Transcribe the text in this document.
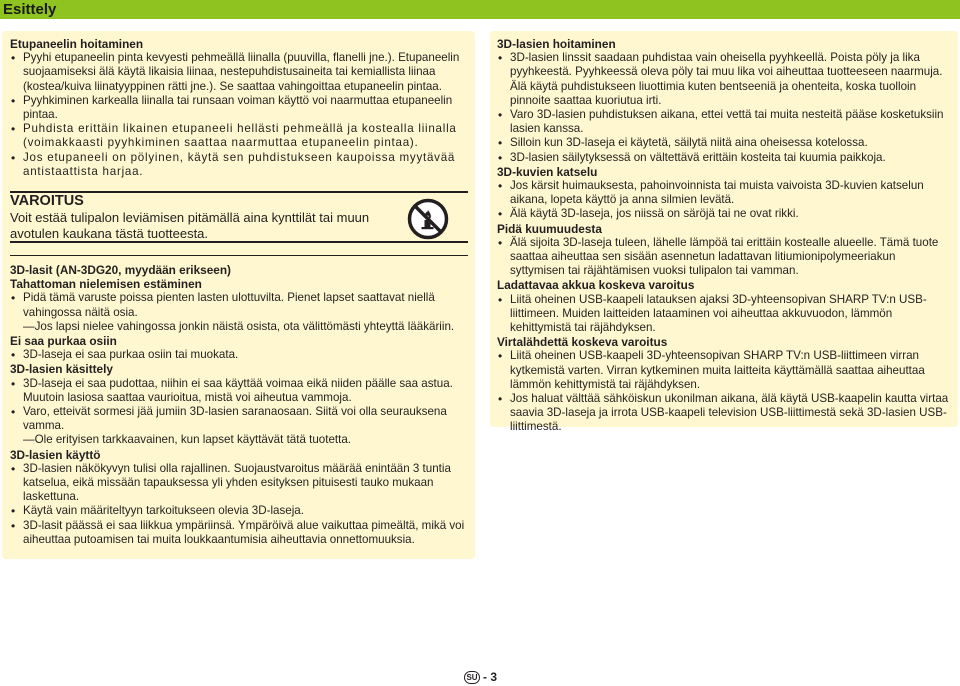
Esittely
Etupaneelin hoitaminen
• Pyyhi etupaneelin pinta kevyesti pehmeällä liinalla (puuvilla, flanelli jne.). Etupaneelin suojaamiseksi älä käytä likaisia liinaa, nestepuhdistusaineita tai kemiallista liinaa (kostea/kuiva liinatyyppinen rätti jne.). Se saattaa vahingoittaa etupaneelin pintaa.
• Pyyhkiminen karkealla liinalla tai runsaan voiman käyttö voi naarmuttaa etupaneelin pintaa.
• Puhdista erittäin likainen etupaneeli hellästi pehmeällä ja kostealla liinalla (voimakkaasti pyyhkiminen saattaa naarmuttaa etupaneelin pintaa).
• Jos etupaneeli on pölyinen, käytä sen puhdistukseen kaupoissa myytävää antistaattista harjaa.
VAROITUS
Voit estää tulipalon leviämisen pitämällä aina kynttilät tai muun avotulen kaukana tästä tuotteesta.
3D-lasit (AN-3DG20, myydään erikseen)
Tahattoman nielemisen estäminen
• Pidä tämä varuste poissa pienten lasten ulottuvilta. Pienet lapset saattavat niellä vahingossa näitä osia.
—Jos lapsi nielee vahingossa jonkin näistä osista, ota välittömästi yhteyttä lääkäriin.
Ei saa purkaa osiin
• 3D-laseja ei saa purkaa osiin tai muokata.
3D-lasien käsittely
• 3D-laseja ei saa pudottaa, niihin ei saa käyttää voimaa eikä niiden päälle saa astua. Muutoin lasiosa saattaa vaurioitua, mistä voi aiheutua vammoja.
• Varo, etteivät sormesi jää jumiin 3D-lasien saranaosaan. Siitä voi olla seurauksena vamma.
—Ole erityisen tarkkaavainen, kun lapset käyttävät tätä tuotetta.
3D-lasien käyttö
• 3D-lasien näkökyvyn tulisi olla rajallinen. Suojaustvaroitus määrää enintään 3 tuntia katselua, eikä missään tapauksessa yli yhden esityksen pituisesti tauko mukaan laskettuna.
• Käytä vain määriteltyyn tarkoitukseen olevia 3D-laseja.
• 3D-lasit päässä ei saa liikkua ympäriinsä. Ympäröivä alue vaikuttaa pimeältä, mikä voi aiheuttaa putoamisen tai muita loukkaantumisia aiheuttavia onnettomuuksia.
3D-lasien hoitaminen
• 3D-lasien linssit saadaan puhdistaa vain oheisella pyyhkeellä. Poista pöly ja lika pyyhkeestä. Pyyhkeessä oleva pöly tai muu lika voi aiheuttaa tuotteeseen naarmuja. Älä käytä puhdistukseen liuottimia kuten bentseeniä ja ohenteita, koska tuolloin pinnoite saattaa kuoriutua irti.
• Varo 3D-lasien puhdistuksen aikana, ettei vettä tai muita nesteitä pääse kosketuksiin lasien kanssa.
• Silloin kun 3D-laseja ei käytetä, säilytä niitä aina oheisessa kotelossa.
• 3D-lasien säilytyksessä on vältettävä erittäin kosteita tai kuumia paikkoja.
3D-kuvien katselu
• Jos kärsit huimauksesta, pahoinvoinnista tai muista vaivoista 3D-kuvien katselun aikana, lopeta käyttö ja anna silmien levätä.
• Älä käytä 3D-laseja, jos niissä on säröjä tai ne ovat rikki.
Pidä kuumuudesta
• Älä sijoita 3D-laseja tuleen, lähelle lämpöä tai erittäin kostealle alueelle. Tämä tuote saattaa aiheuttaa sen sisään asennetun ladattavan litiumionipolymeeriakun syttymisen tai räjähtämisen vuoksi tulipalon tai vamman.
Ladattavaa akkua koskeva varoitus
• Liitä oheinen USB-kaapeli latauksen ajaksi 3D-yhteensopivan SHARP TV:n USB-liittimeen. Muiden laitteiden lataaminen voi aiheuttaa akkuvuodon, lämmön kehittymistä tai räjähdyksen.
Virtalähdettä koskeva varoitus
• Liitä oheinen USB-kaapeli 3D-yhteensopivan SHARP TV:n USB-liittimeen virran kytkemistä varten. Virran kytkeminen muita laitteita käyttämällä saattaa aiheuttaa lämmön kehittymistä tai räjähdyksen.
• Jos haluat välttää sähköiskun ukonilman aikana, älä käytä USB-kaapelin kautta virtaa saavia 3D-laseja ja irrota USB-kaapeli television USB-liittimestä sekä 3D-lasien USB-liittimestä.
SU - 3
